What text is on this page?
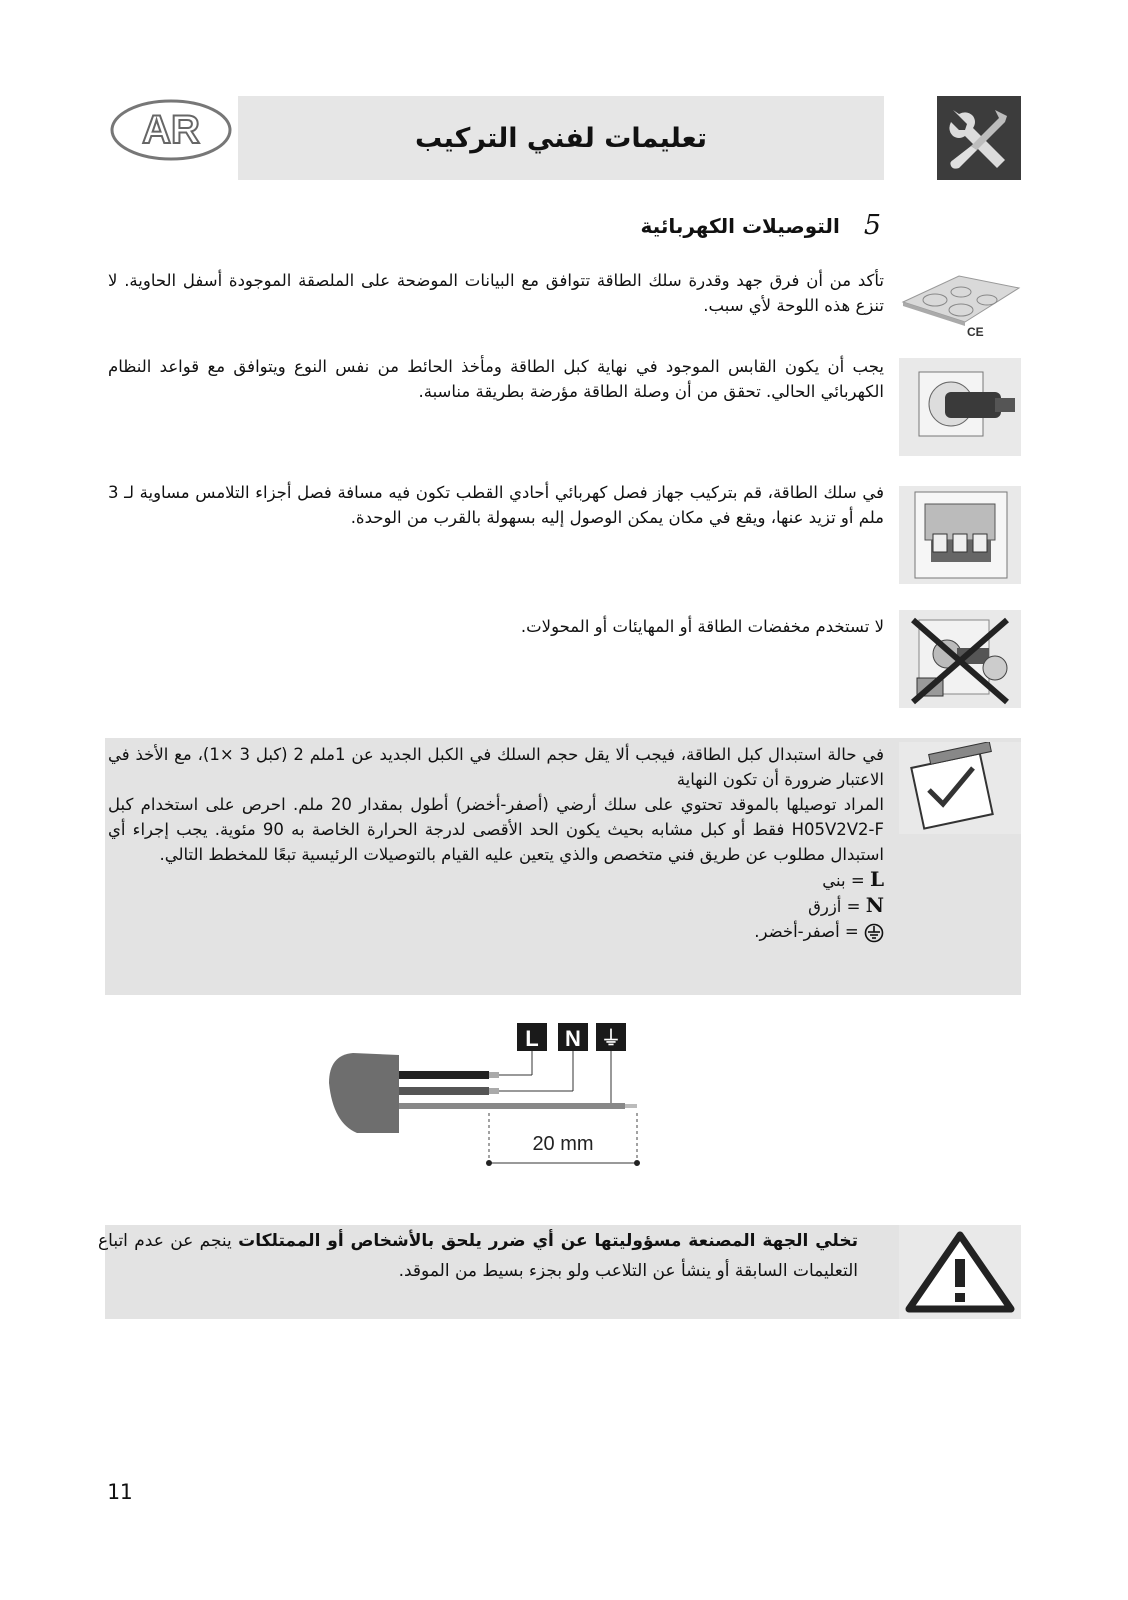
AR	تعليمات لفني التركيب
5
التوصيلات الكهربائية
CE

تأكد من أن فرق جهد وقدرة سلك الطاقة تتوافق مع البيانات الموضحة على الملصقة الموجودة أسفل الحاوية. لا تنزع هذه اللوحة لأي سبب.

يجب أن يكون القابس الموجود في نهاية كبل الطاقة ومأخذ الحائط من نفس النوع ويتوافق مع قواعد النظام الكهربائي الحالي. تحقق من أن وصلة الطاقة مؤرضة بطريقة مناسبة.

في سلك الطاقة، قم بتركيب جهاز فصل كهربائي أحادي القطب تكون فيه مسافة فصل أجزاء التلامس مساوية لـ 3 ملم أو تزيد عنها، ويقع في مكان يمكن الوصول إليه بسهولة بالقرب من الوحدة.

لا تستخدم مخفضات الطاقة أو المهايئات أو المحولات.

في حالة استبدال كبل الطاقة، فيجب ألا يقل حجم السلك في الكبل الجديد عن 1ملم 2 (كبل 3 ×1)، مع الأخذ في الاعتبار ضرورة أن تكون النهاية

المراد توصيلها بالموقد تحتوي على سلك أرضي (أصفر-أخضر) أطول بمقدار 20 ملم. احرص على استخدام كبل H05V2V2-F فقط أو كبل مشابه بحيث يكون الحد الأقصى لدرجة الحرارة الخاصة به 90 مئوية. يجب إجراء أي استبدال مطلوب عن طريق فني متخصص والذي يتعين عليه القيام بالتوصيلات الرئيسية تبعًا للمخطط التالي.

L = بني
N = أزرق
= أصفر-أخضر.
L N ⏚
20 mm
تخلي الجهة المصنعة مسؤوليتها عن أي ضرر يلحق بالأشخاص أو الممتلكات ينجم عن عدم اتباع التعليمات السابقة أو ينشأ عن التلاعب ولو بجزء بسيط من الموقد.
11
